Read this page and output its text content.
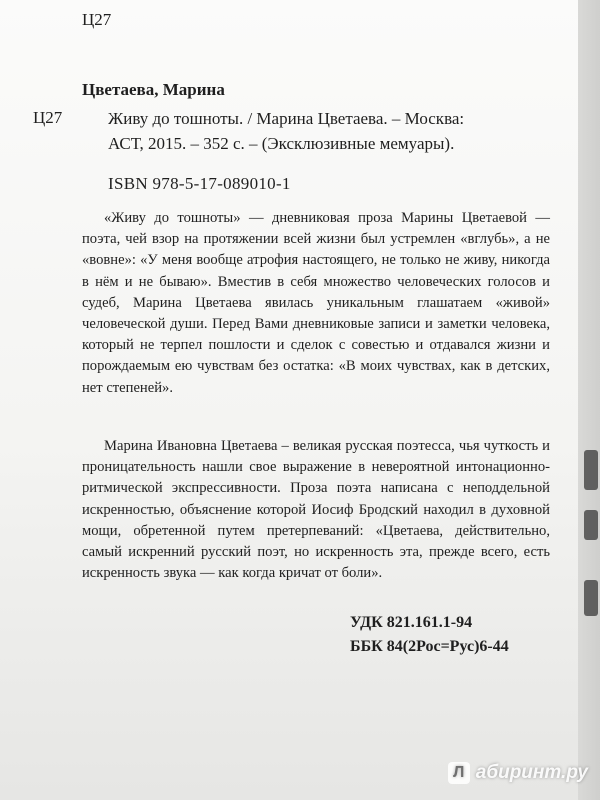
Ц27
Цветаева, Марина
Ц27	Живу до тошноты. / Марина Цветаева. – Москва:
АСТ, 2015. – 352 с. – (Эксклюзивные мемуары).
ISBN 978-5-17-089010-1
«Живу до тошноты» — дневниковая проза Марины Цветаевой — поэта, чей взор на протяжении всей жизни был устремлен «вглубь», а не «вовне»: «У меня вообще атрофия настоящего, не только не живу, никогда в нём и не бываю». Вместив в себя множество человеческих голосов и судеб, Марина Цветаева явилась уникальным глашатаем «живой» человеческой души. Перед Вами дневниковые записи и заметки человека, который не терпел пошлости и сделок с совестью и отдавался жизни и порождаемым ею чувствам без остатка: «В моих чувствах, как в детских, нет степеней».
Марина Ивановна Цветаева – великая русская поэтесса, чья чуткость и проницательность нашли свое выражение в невероятной интонационно-ритмической экспрессивности. Проза поэта написана с неподдельной искренностью, объяснение которой Иосиф Бродский находил в духовной мощи, обретенной путем претерпеваний: «Цветаева, действительно, самый искренний русский поэт, но искренность эта, прежде всего, есть искренность звука — как когда кричат от боли».
УДК 821.161.1-94
ББК 84(2Рос=Рус)6-44
Л абиринт.ру
